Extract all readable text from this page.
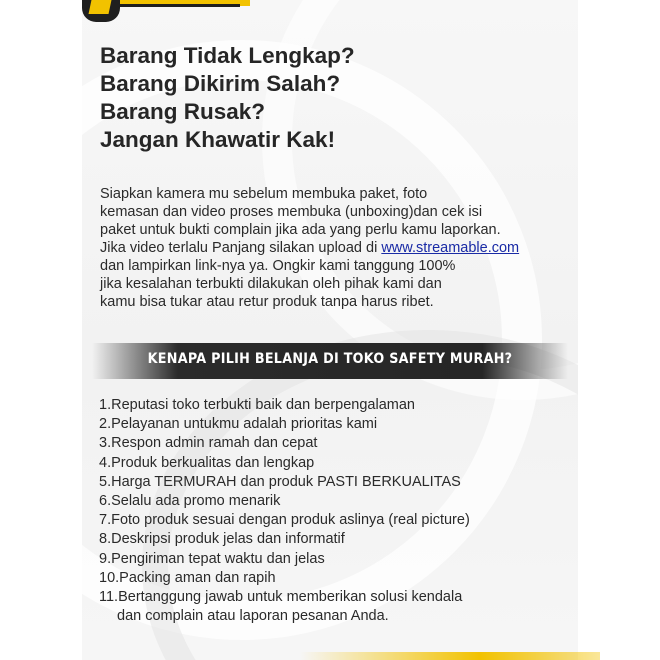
Barang Tidak Lengkap?
Barang Dikirim Salah?
Barang Rusak?
Jangan Khawatir Kak!

Siapkan kamera mu sebelum membuka paket, foto
kemasan dan video proses membuka (unboxing)dan cek isi
paket untuk bukti complain jika ada yang perlu kamu laporkan.
Jika video terlalu Panjang silakan upload di www.streamable.com
dan lampirkan link-nya ya. Ongkir kami tanggung 100%
jika kesalahan terbukti dilakukan oleh pihak kami dan
kamu bisa tukar atau retur produk tanpa harus ribet.

KENAPA PILIH BELANJA DI TOKO SAFETY MURAH?
1.Reputasi toko terbukti baik dan berpengalaman
2.Pelayanan untukmu adalah prioritas kami
3.Respon admin ramah dan cepat
4.Produk berkualitas dan lengkap
5.Harga TERMURAH dan produk PASTI BERKUALITAS
6.Selalu ada promo menarik
7.Foto produk sesuai dengan produk aslinya (real picture)
8.Deskripsi produk jelas dan informatif
9.Pengiriman tepat waktu dan jelas
10.Packing aman dan rapih
11.Bertanggung jawab untuk memberikan solusi kendala
dan complain atau laporan pesanan Anda.
